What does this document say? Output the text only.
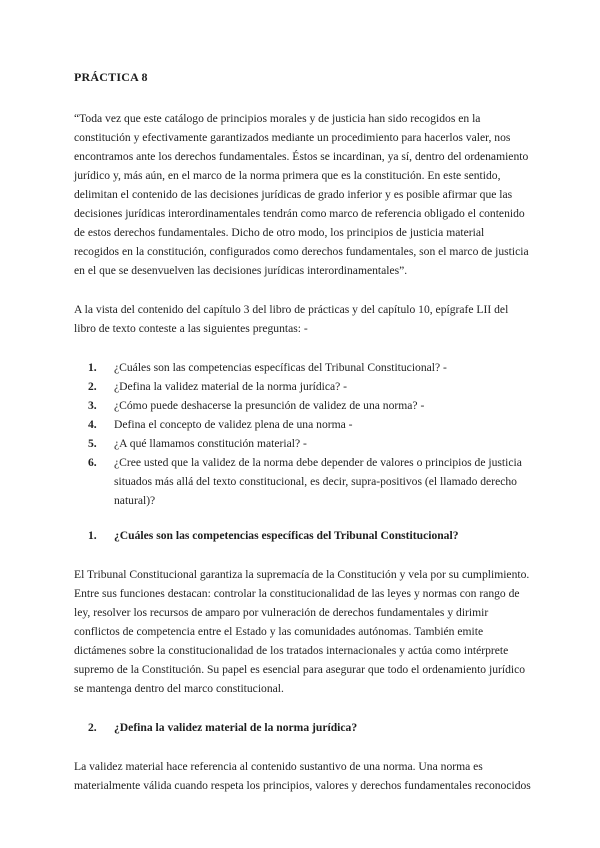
PRÁCTICA 8

“Toda vez que este catálogo de principios morales y de justicia han sido recogidos en la constitución y efectivamente garantizados mediante un procedimiento para hacerlos valer, nos encontramos ante los derechos fundamentales. Éstos se incardinan, ya sí, dentro del ordenamiento jurídico y, más aún, en el marco de la norma primera que es la constitución. En este sentido, delimitan el contenido de las decisiones jurídicas de grado inferior y es posible afirmar que las decisiones jurídicas interordinamentales tendrán como marco de referencia obligado el contenido de estos derechos fundamentales. Dicho de otro modo, los principios de justicia material recogidos en la constitución, configurados como derechos fundamentales, son el marco de justicia en el que se desenvuelven las decisiones jurídicas interordinamentales”.

A la vista del contenido del capítulo 3 del libro de prácticas y del capítulo 10, epígrafe LII del libro de texto conteste a las siguientes preguntas: -

1. ¿Cuáles son las competencias específicas del Tribunal Constitucional? -
2. ¿Defina la validez material de la norma jurídica? -
3. ¿Cómo puede deshacerse la presunción de validez de una norma? -
4. Defina el concepto de validez plena de una norma -
5. ¿A qué llamamos constitución material? -
6. ¿Cree usted que la validez de la norma debe depender de valores o principios de justicia situados más allá del texto constitucional, es decir, supra-positivos (el llamado derecho natural)?
1. ¿Cuáles son las competencias específicas del Tribunal Constitucional?

El Tribunal Constitucional garantiza la supremacía de la Constitución y vela por su cumplimiento. Entre sus funciones destacan: controlar la constitucionalidad de las leyes y normas con rango de ley, resolver los recursos de amparo por vulneración de derechos fundamentales y dirimir conflictos de competencia entre el Estado y las comunidades autónomas. También emite dictámenes sobre la constitucionalidad de los tratados internacionales y actúa como intérprete supremo de la Constitución. Su papel es esencial para asegurar que todo el ordenamiento jurídico se mantenga dentro del marco constitucional.

2. ¿Defina la validez material de la norma jurídica?

La validez material hace referencia al contenido sustantivo de una norma. Una norma es materialmente válida cuando respeta los principios, valores y derechos fundamentales reconocidos
